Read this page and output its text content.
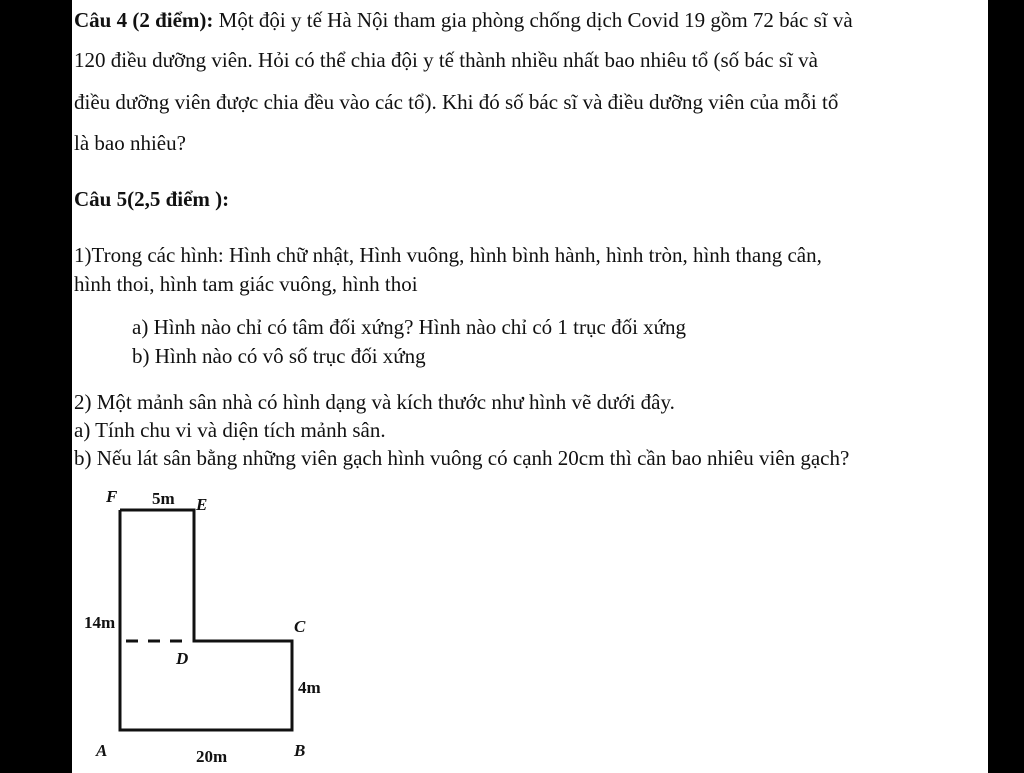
Câu 4 (2 điểm): Một đội y tế Hà Nội tham gia phòng chống dịch Covid 19 gồm 72 bác sĩ và
120 điều dưỡng viên. Hỏi có thể chia đội y tế thành nhiều nhất bao nhiêu tổ (số bác sĩ và
điều dưỡng viên được chia đều vào các tổ). Khi đó số bác sĩ và điều dưỡng viên của mỗi tổ
là bao nhiêu?
Câu 5(2,5 điểm ):
1)Trong các hình: Hình chữ nhật, Hình vuông, hình bình hành, hình tròn, hình thang cân,
hình thoi, hình tam giác vuông, hình thoi
a) Hình nào chỉ có tâm đối xứng? Hình nào chỉ có 1 trục đối xứng
b) Hình nào có vô số trục đối xứng
2) Một mảnh sân nhà có hình dạng và kích thước như hình vẽ dưới đây.
a) Tính chu vi và diện tích mảnh sân.
b) Nếu lát sân bằng những viên gạch hình vuông có cạnh 20cm thì cần bao nhiêu viên gạch?
F	E
C
D
A	B
5m
14m
4m
20m
